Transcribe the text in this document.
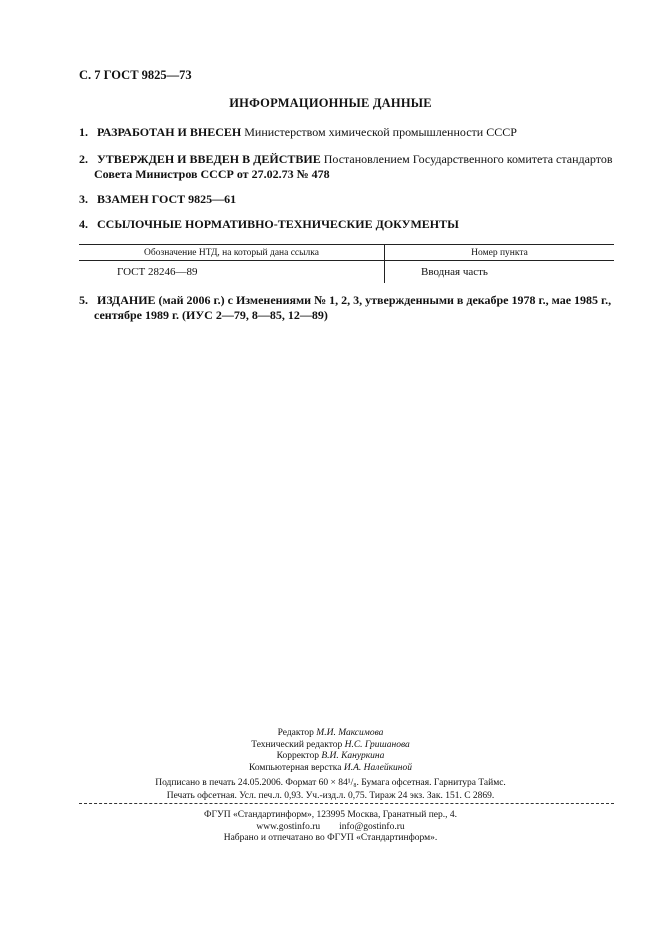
С. 7 ГОСТ 9825—73
ИНФОРМАЦИОННЫЕ ДАННЫЕ
1. РАЗРАБОТАН И ВНЕСЕН Министерством химической промышленности СССР
2. УТВЕРЖДЕН И ВВЕДЕН В ДЕЙСТВИЕ Постановлением Государственного комитета стандартов
Совета Министров СССР от 27.02.73 № 478
3. ВЗАМЕН ГОСТ 9825—61
4. ССЫЛОЧНЫЕ НОРМАТИВНО-ТЕХНИЧЕСКИЕ ДОКУМЕНТЫ
Обозначение НТД, на который дана ссылка	Номер пункта
ГОСТ 28246—89	Вводная часть
5. ИЗДАНИЕ (май 2006 г.) с Изменениями № 1, 2, 3, утвержденными в декабре 1978 г., мае 1985 г.,
сентябре 1989 г. (ИУС 2—79, 8—85, 12—89)
Редактор М.И. Максимова
Технический редактор Н.С. Гришанова
Корректор В.И. Кануркина
Компьютерная верстка И.А. Налейкиной
Подписано в печать 24.05.2006. Формат 60 × 84¹/₈. Бумага офсетная. Гарнитура Таймс.
Печать офсетная. Усл. печ.л. 0,93. Уч.-изд.л. 0,75. Тираж 24 экз. Зак. 151. С 2869.
ФГУП «Стандартинформ», 123995 Москва, Гранатный пер., 4.
www.gostinfo.ru info@gostinfo.ru
Набрано и отпечатано во ФГУП «Стандартинформ».
